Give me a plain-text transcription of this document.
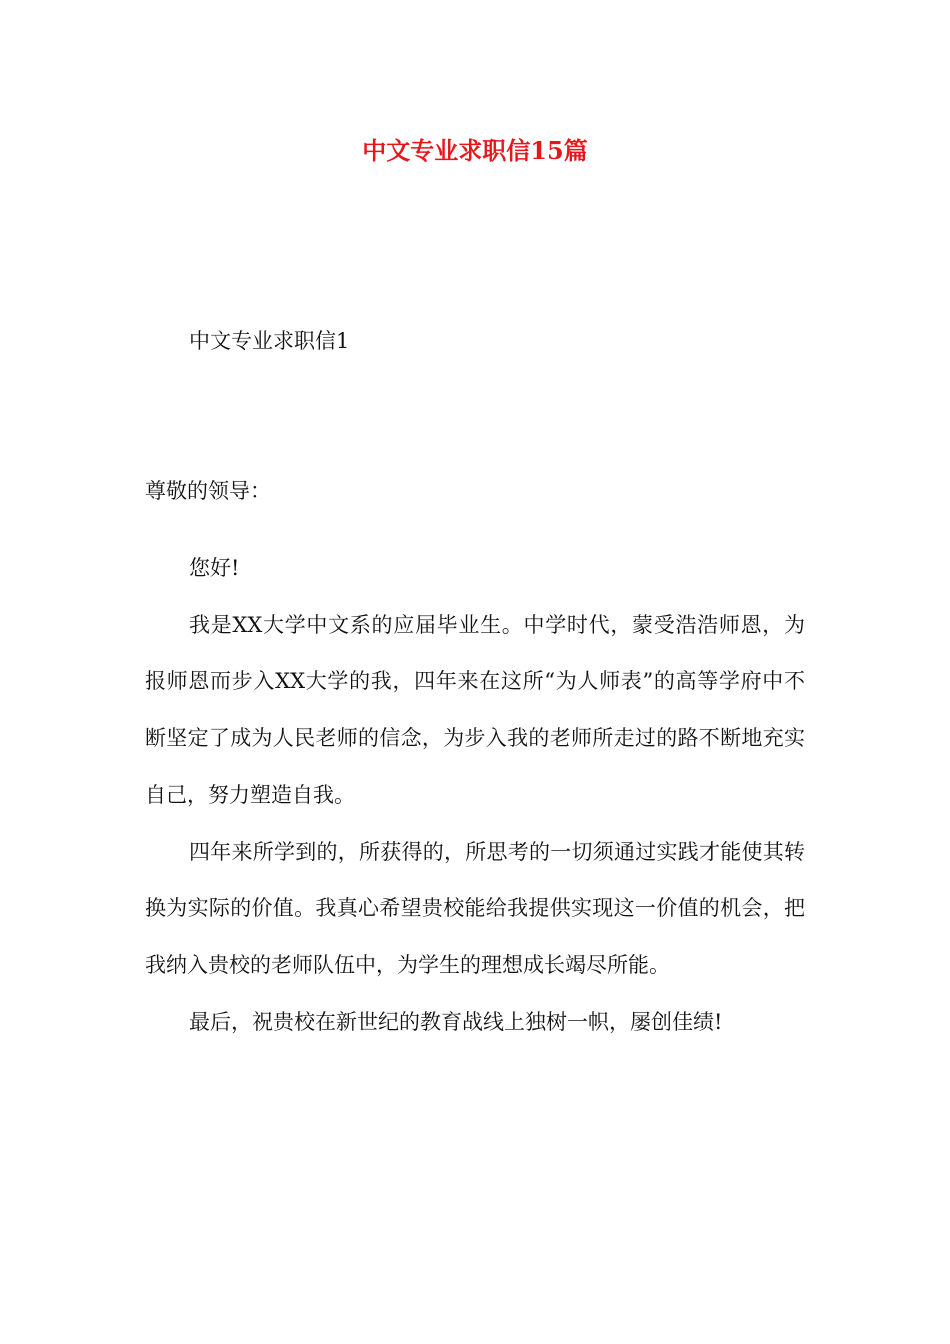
中文专业求职信15篇
中文专业求职信1
尊敬的领导：

您好!

我是XX大学中文系的应届毕业生。中学时代，蒙受浩浩师恩，为报师恩而步入XX大学的我，四年来在这所“为人师表”的高等学府中不断坚定了成为人民老师的信念，为步入我的老师所走过的路不断地充实自己，努力塑造自我。

四年来所学到的，所获得的，所思考的一切须通过实践才能使其转换为实际的价值。我真心希望贵校能给我提供实现这一价值的机会，把我纳入贵校的老师队伍中，为学生的理想成长竭尽所能。

最后，祝贵校在新世纪的教育战线上独树一帜，屡创佳绩!
